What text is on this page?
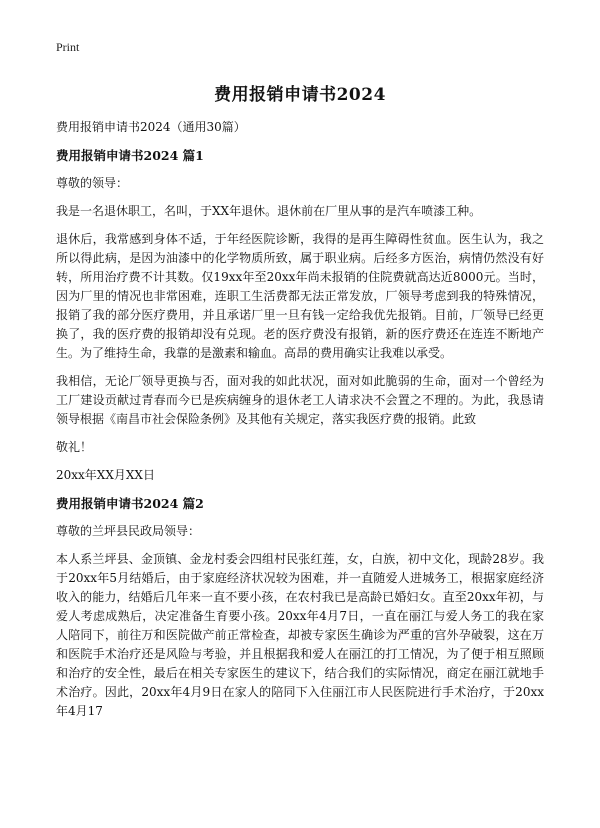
Print
费用报销申请书2024
费用报销申请书2024（通用30篇）
费用报销申请书2024 篇1
尊敬的领导：
我是一名退休职工，名叫，于XX年退休。退休前在厂里从事的是汽车喷漆工种。
退休后，我常感到身体不适，于年经医院诊断，我得的是再生障碍性贫血。医生认为，我之所以得此病，是因为油漆中的化学物质所致，属于职业病。后经多方医治，病情仍然没有好转，所用治疗费不计其数。仅19xx年至20xx年尚未报销的住院费就高达近8000元。当时，因为厂里的情况也非常困难，连职工生活费都无法正常发放，厂领导考虑到我的特殊情况，报销了我的部分医疗费用，并且承诺厂里一旦有钱一定给我优先报销。目前，厂领导已经更换了，我的医疗费的报销却没有兑现。老的医疗费没有报销，新的医疗费还在连连不断地产生。为了维持生命，我靠的是激素和输血。高昂的费用确实让我难以承受。
我相信，无论厂领导更换与否，面对我的如此状况，面对如此脆弱的生命，面对一个曾经为工厂建设贡献过青春而今已是疾病缠身的退休老工人请求决不会置之不理的。为此，我恳请领导根据《南昌市社会保险条例》及其他有关规定，落实我医疗费的报销。此致
敬礼！
20xx年XX月XX日
费用报销申请书2024 篇2
尊敬的兰坪县民政局领导：
本人系兰坪县、金顶镇、金龙村委会四组村民张红莲，女，白族，初中文化，现龄28岁。我于20xx年5月结婚后，由于家庭经济状况较为困难，并一直随爱人进城务工，根据家庭经济收入的能力，结婚后几年来一直不要小孩，在农村我已是高龄已婚妇女。直至20xx年初，与爱人考虑成熟后，决定准备生育要小孩。20xx年4月7日，一直在丽江与爱人务工的我在家人陪同下，前往万和医院做产前正常检查，却被专家医生确诊为严重的宫外孕破裂，这在万和医院手术治疗还是风险与考验，并且根据我和爱人在丽江的打工情况，为了便于相互照顾和治疗的安全性，最后在相关专家医生的建议下，结合我们的实际情况，商定在丽江就地手术治疗。因此，20xx年4月9日在家人的陪同下入住丽江市人民医院进行手术治疗，于20xx年4月17
